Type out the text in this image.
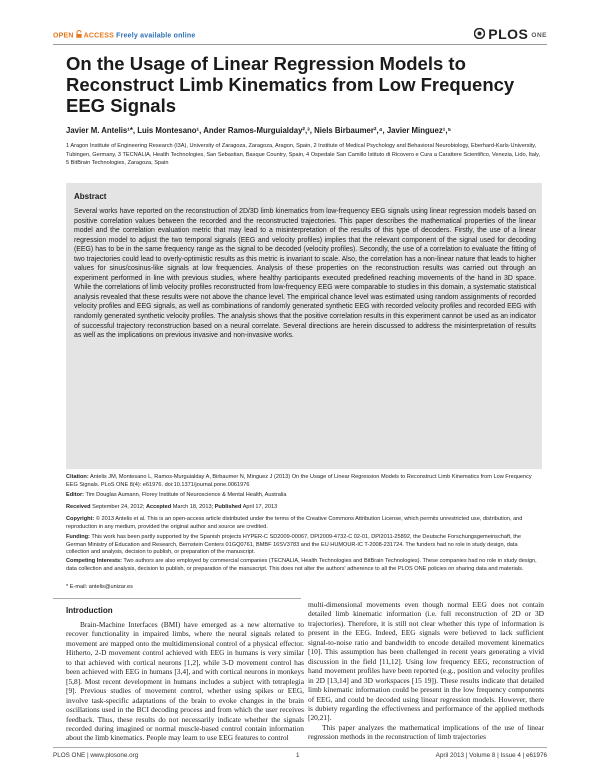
OPEN ACCESS Freely available online	PLOS ONE
On the Usage of Linear Regression Models to Reconstruct Limb Kinematics from Low Frequency EEG Signals
Javier M. Antelis¹*, Luis Montesano¹, Ander Ramos-Murguialday²,³, Niels Birbaumer²,⁴, Javier Minguez¹,⁵
1 Aragon Institute of Engineering Research (I3A), University of Zaragoza, Zaragoza, Aragon, Spain, 2 Institute of Medical Psychology and Behavioral Neurobiology, Eberhard-Karls-University, Tubingen, Germany, 3 TECNALIA, Health Technologies, San Sebastian, Basque Country, Spain, 4 Ospedale San Camillo Istituto di Ricovero e Cura a Carattere Scientifico, Venezia, Lido, Italy, 5 BitBrain Technologies, Zaragoza, Spain
Abstract

Several works have reported on the reconstruction of 2D/3D limb kinematics from low-frequency EEG signals using linear regression models based on positive correlation values between the recorded and the reconstructed trajectories. This paper describes the mathematical properties of the linear model and the correlation evaluation metric that may lead to a misinterpretation of the results of this type of decoders. Firstly, the use of a linear regression model to adjust the two temporal signals (EEG and velocity profiles) implies that the relevant component of the signal used for decoding (EEG) has to be in the same frequency range as the signal to be decoded (velocity profiles). Secondly, the use of a correlation to evaluate the fitting of two trajectories could lead to overly-optimistic results as this metric is invariant to scale. Also, the correlation has a non-linear nature that leads to higher values for sinus/cosinus-like signals at low frequencies. Analysis of these properties on the reconstruction results was carried out through an experiment performed in line with previous studies, where healthy participants executed predefined reaching movements of the hand in 3D space. While the correlations of limb velocity profiles reconstructed from low-frequency EEG were comparable to studies in this domain, a systematic statistical analysis revealed that these results were not above the chance level. The empirical chance level was estimated using random assignments of recorded velocity profiles and EEG signals, as well as combinations of randomly generated synthetic EEG with recorded velocity profiles and recorded EEG with randomly generated synthetic velocity profiles. The analysis shows that the positive correlation results in this experiment cannot be used as an indicator of successful trajectory reconstruction based on a neural correlate. Several directions are herein discussed to address the misinterpretation of results as well as the implications on previous invasive and non-invasive works.

Citation: Antelis JM, Montesano L, Ramos-Murguialday A, Birbaumer N, Minguez J (2013) On the Usage of Linear Regression Models to Reconstruct Limb Kinematics from Low Frequency EEG Signals. PLoS ONE 8(4): e61976. doi:10.1371/journal.pone.0061976

Editor: Tim Douglas Aumann, Florey Institute of Neuroscience & Mental Health, Australia

Received September 24, 2012; Accepted March 18, 2013; Published April 17, 2013

Copyright: © 2013 Antelis et al. This is an open-access article distributed under the terms of the Creative Commons Attribution License, which permits unrestricted use, distribution, and reproduction in any medium, provided the original author and source are credited.

Funding: This work has been partly supported by the Spanish projects HYPER-C SD2009-00067, DPI2009-4732-C 02-01, DPI2011-25892, the Deutsche Forschungsgemeinschaft, the German Ministry of Education and Research, Bernstein Centers 01GQ0761, BMBF 16SV3783 and the EU HUMOUR-IC T-2008-231724. The funders had no role in study design, data collection and analysis, decision to publish, or preparation of the manuscript.

Competing Interests: Two authors are also employed by commercial companies (TECNALIA, Health Technologies and BitBrain Technologies). These companies had no role in study design, data collection and analysis, decision to publish, or preparation of the manuscript. This does not alter the authors' adherence to all the PLOS ONE policies on sharing data and materials.

* E-mail: antelis@unizar.es

Introduction

Brain-Machine Interfaces (BMI) have emerged as a new alternative to recover functionality in impaired limbs, where the neural signals related to movement are mapped onto the multidimensional control of a physical effector. Hitherto, 2-D movement control achieved with EEG in humans is very similar to that achieved with cortical neurons [1,2], while 3-D movement control has been achieved with EEG in humans [3,4], and with cortical neurons in monkeys [5,8]. Most recent development in humans includes a subject with tetraplegia [9]. Previous studies of movement control, whether using spikes or EEG, involve task-specific adaptations of the brain to evoke changes in the brain oscillations used in the BCI decoding process and from which the user receives feedback. Thus, these results do not necessarily indicate whether the signals recorded during imagined or normal muscle-based control contain information about the limb kinematics. People may learn to use EEG features to control

multi-dimensional movements even though normal EEG does not contain detailed limb kinematic information (i.e. full reconstruction of 2D or 3D trajectories). Therefore, it is still not clear whether this type of information is present in the EEG. Indeed, EEG signals were believed to lack sufficient signal-to-noise ratio and bandwidth to encode detailed movement kinematics [10]. This assumption has been challenged in recent years generating a vivid discussion in the field [11,12]. Using low frequency EEG, reconstruction of hand movement profiles have been reported (e.g., position and velocity profiles in 2D [13,14] and 3D workspaces [15 19]). These results indicate that detailed limb kinematic information could be present in the low frequency components of EEG, and could be decoded using linear regression models. However, there is dubiety regarding the effectiveness and performance of the applied methods [20,21].
This paper analyzes the mathematical implications of the use of linear regression methods in the reconstruction of limb trajectories

PLOS ONE | www.plosone.org	1	April 2013 | Volume 8 | Issue 4 | e61976
